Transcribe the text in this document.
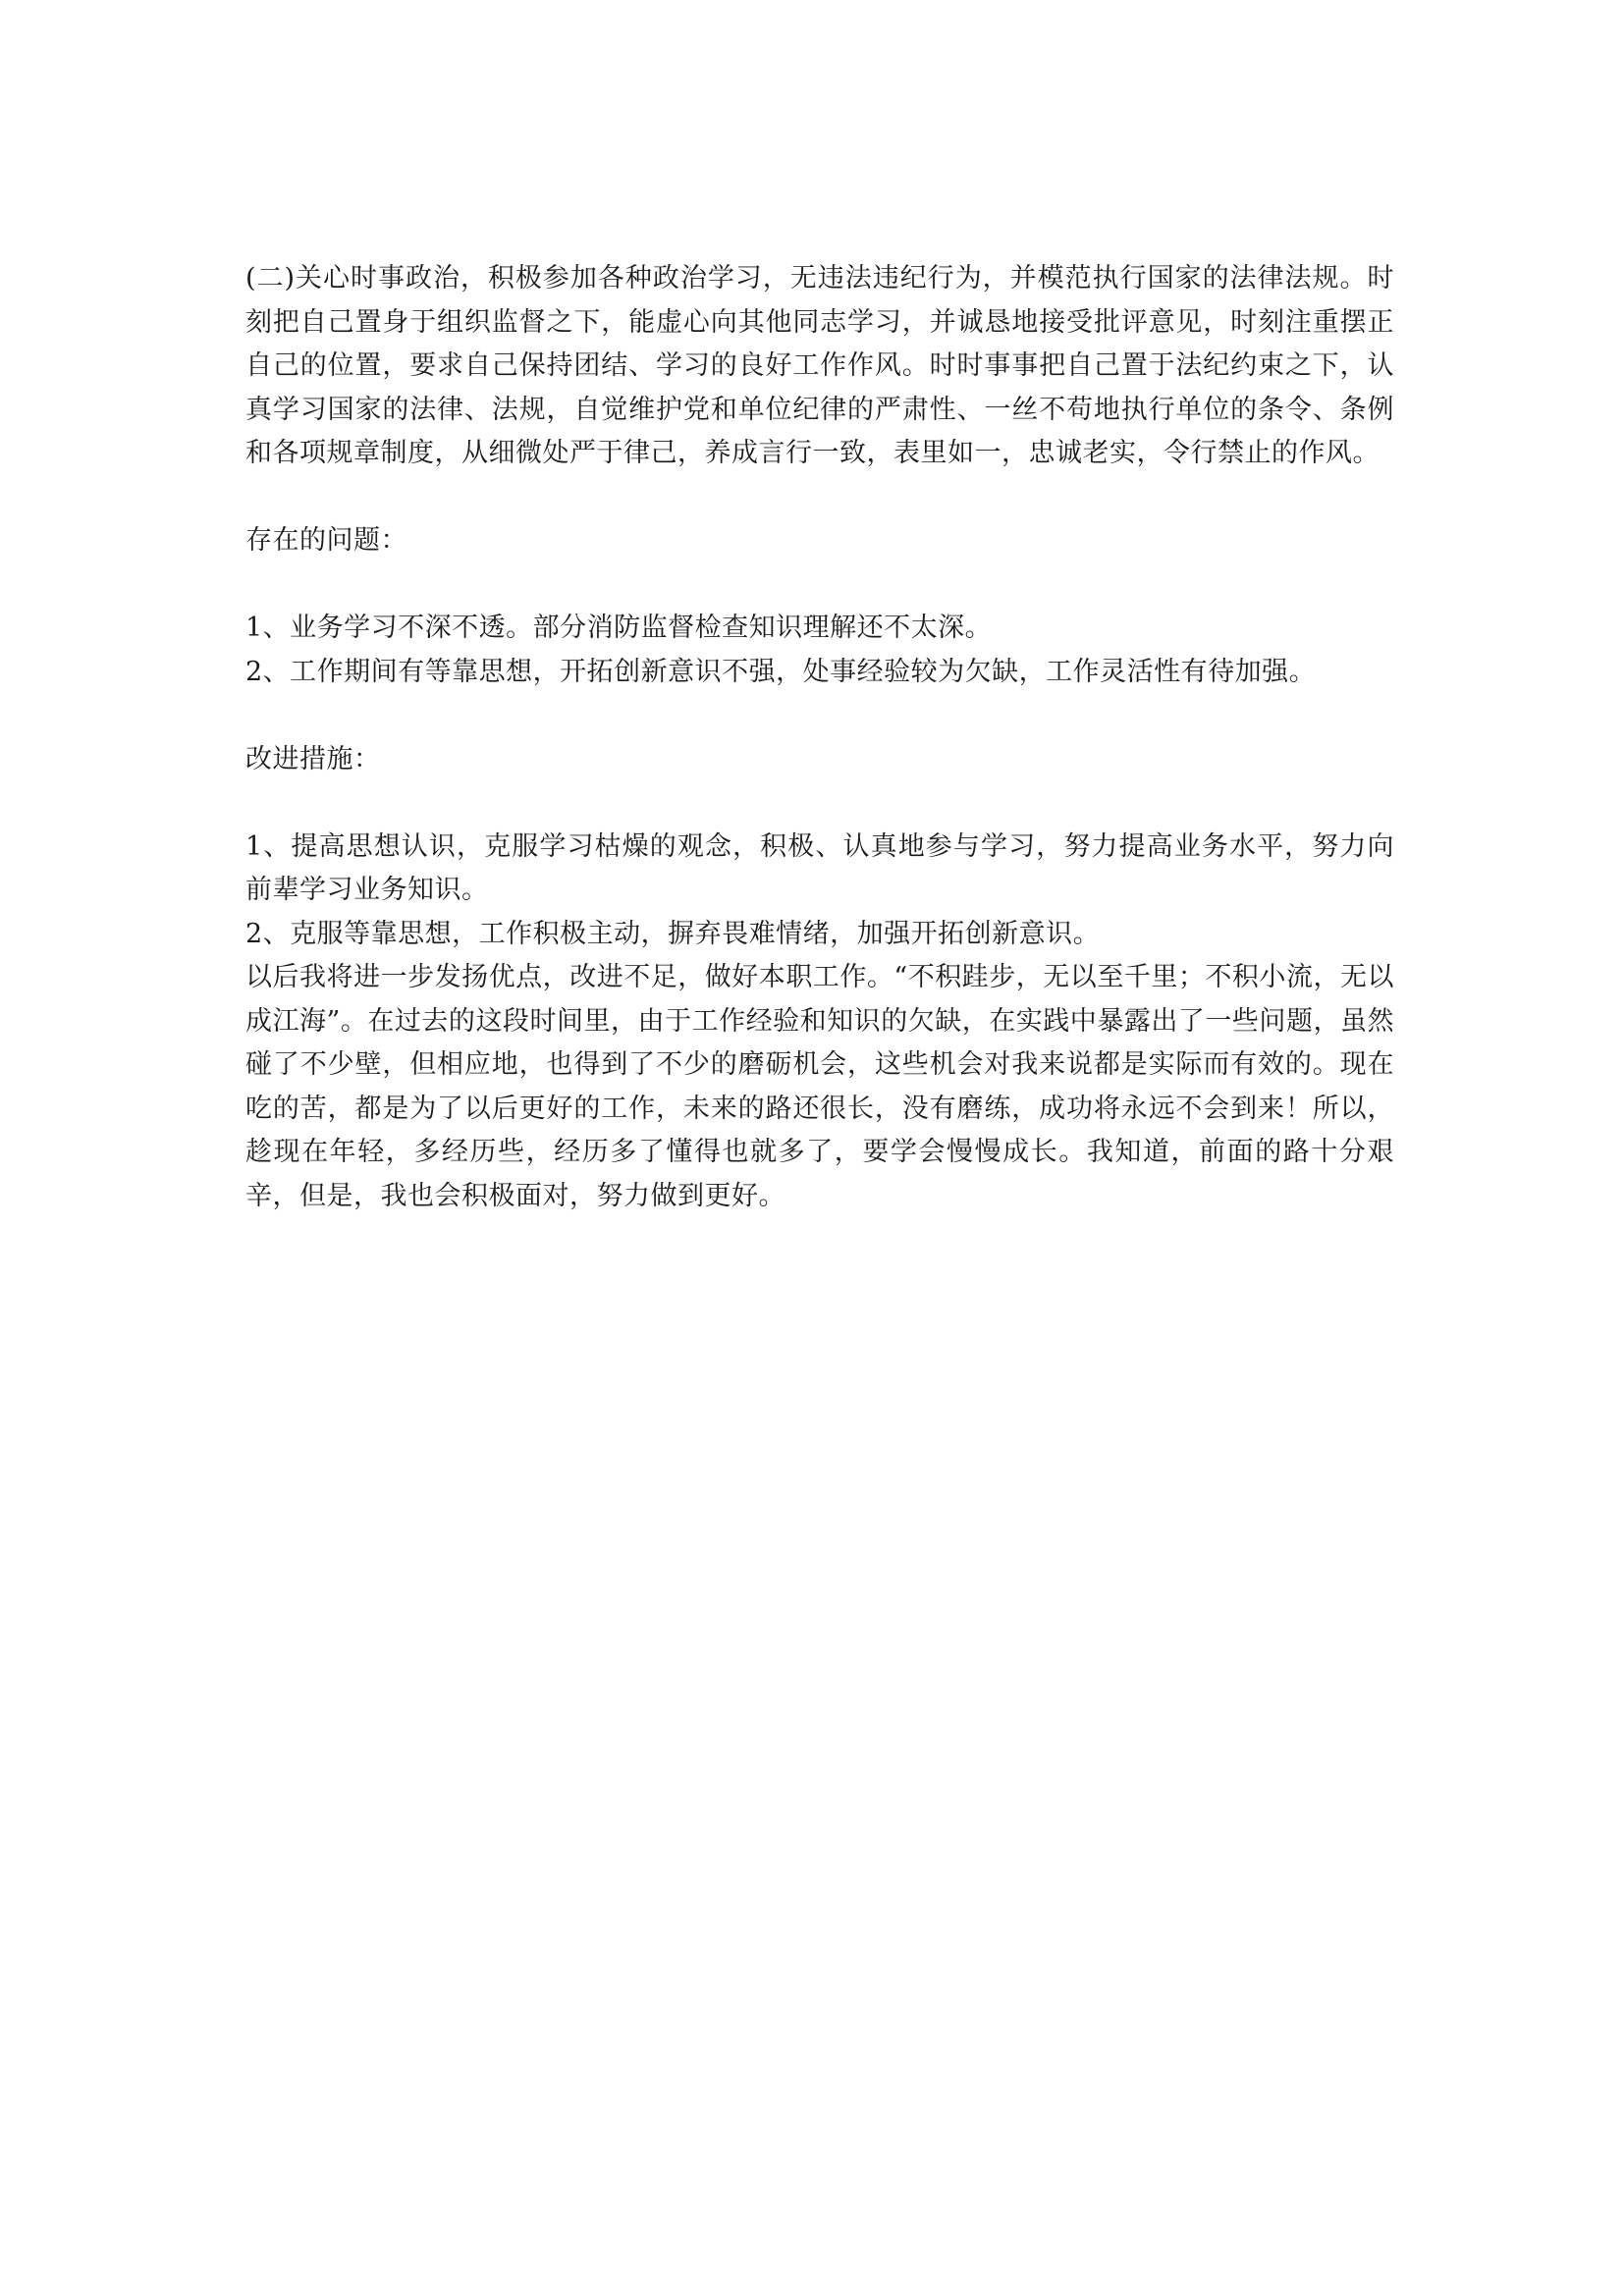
(二)关心时事政治，积极参加各种政治学习，无违法违纪行为，并模范执行国家的法律法规。时刻把自己置身于组织监督之下，能虚心向其他同志学习，并诚恳地接受批评意见，时刻注重摆正自己的位置，要求自己保持团结、学习的良好工作作风。时时事事把自己置于法纪约束之下，认真学习国家的法律、法规，自觉维护党和单位纪律的严肃性、一丝不苟地执行单位的条令、条例和各项规章制度，从细微处严于律己，养成言行一致，表里如一，忠诚老实，令行禁止的作风。

存在的问题：

1、业务学习不深不透。部分消防监督检查知识理解还不太深。

2、工作期间有等靠思想，开拓创新意识不强，处事经验较为欠缺，工作灵活性有待加强。

改进措施：

1、提高思想认识，克服学习枯燥的观念，积极、认真地参与学习，努力提高业务水平，努力向前辈学习业务知识。

2、克服等靠思想，工作积极主动，摒弃畏难情绪，加强开拓创新意识。

以后我将进一步发扬优点，改进不足，做好本职工作。“不积跬步，无以至千里；不积小流，无以成江海”。在过去的这段时间里，由于工作经验和知识的欠缺，在实践中暴露出了一些问题，虽然碰了不少壁，但相应地，也得到了不少的磨砺机会，这些机会对我来说都是实际而有效的。现在吃的苦，都是为了以后更好的工作，未来的路还很长，没有磨练，成功将永远不会到来！所以，趁现在年轻，多经历些，经历多了懂得也就多了，要学会慢慢成长。我知道，前面的路十分艰辛，但是，我也会积极面对，努力做到更好。
